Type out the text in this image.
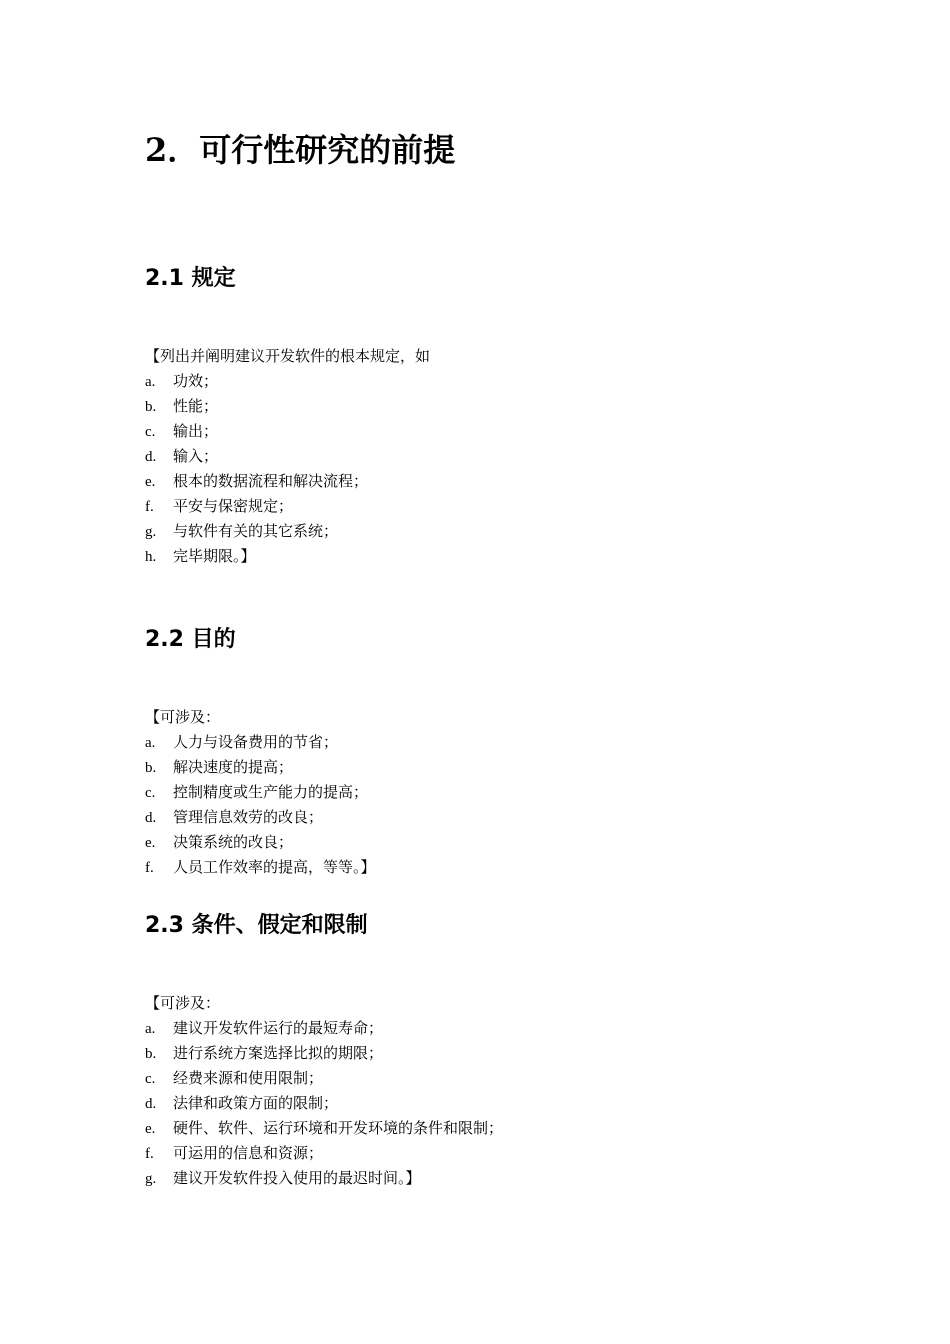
2．可行性研究的前提
2.1 规定
【列出并阐明建议开发软件的根本规定，如
a.	功效；
b.	性能；
c.	输出；
d.	输入；
e.	根本的数据流程和解决流程；
f.	平安与保密规定；
g.	与软件有关的其它系统；
h.	完毕期限。】
2.2 目的
【可涉及：
a.	人力与设备费用的节省；
b.	解决速度的提高；
c.	控制精度或生产能力的提高；
d.	管理信息效劳的改良；
e.	决策系统的改良；
f.	人员工作效率的提高，等等。】
2.3 条件、假定和限制
【可涉及：
a.	建议开发软件运行的最短寿命；
b.	进行系统方案选择比拟的期限；
c.	经费来源和使用限制；
d.	法律和政策方面的限制；
e.	硬件、软件、运行环境和开发环境的条件和限制；
f.	可运用的信息和资源；
g.	建议开发软件投入使用的最迟时间。】
